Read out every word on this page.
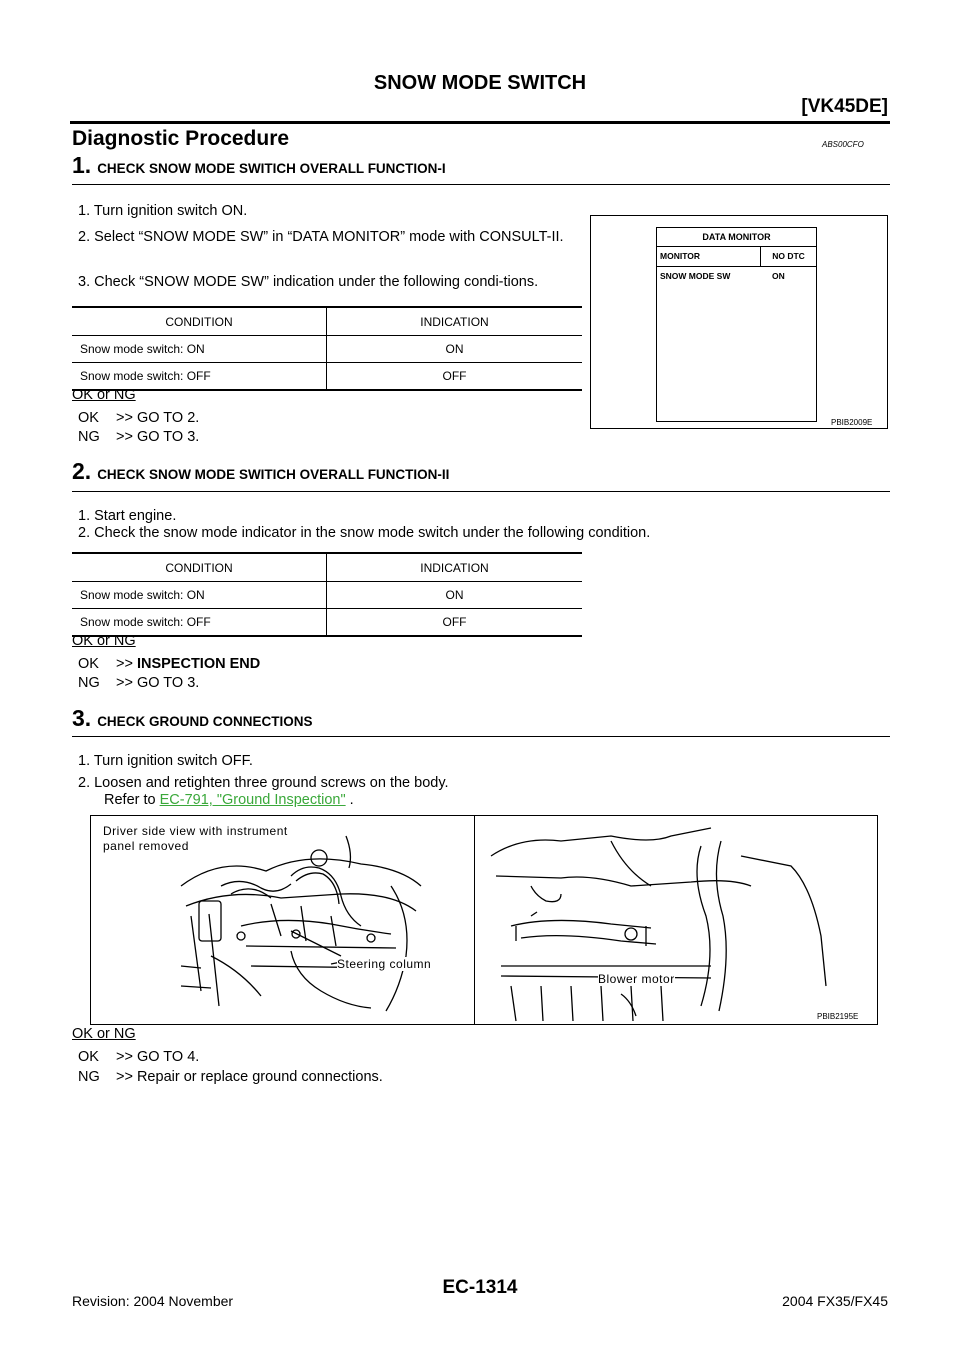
SNOW MODE SWITCH
[VK45DE]
Diagnostic Procedure	ABS00CFO
1. CHECK SNOW MODE SWITICH OVERALL FUNCTION-I
1. Turn ignition switch ON.
2. Select “SNOW MODE SW” in “DATA MONITOR” mode with CONSULT-II.
3. Check “SNOW MODE SW” indication under the following condi-tions.
CONDITION	INDICATION
Snow mode switch: ON	ON
Snow mode switch: OFF	OFF
OK or NG
OK >> GO TO 2.
NG >> GO TO 3.
DATA MONITOR
MONITOR	NO DTC
SNOW MODE SW	ON
PBIB2009E
2. CHECK SNOW MODE SWITICH OVERALL FUNCTION-II
1. Start engine.
2. Check the snow mode indicator in the snow mode switch under the following condition.
CONDITION	INDICATION
Snow mode switch: ON	ON
Snow mode switch: OFF	OFF
OK or NG
OK >> INSPECTION END
NG >> GO TO 3.
3. CHECK GROUND CONNECTIONS
1. Turn ignition switch OFF.
2. Loosen and retighten three ground screws on the body.
Refer to EC-791, "Ground Inspection" .
Driver side view with instrument panel removed
Steering column
Blower motor
PBIB2195E
OK or NG
OK >> GO TO 4.
NG >> Repair or replace ground connections.
Revision: 2004 November
EC-1314
2004 FX35/FX45
